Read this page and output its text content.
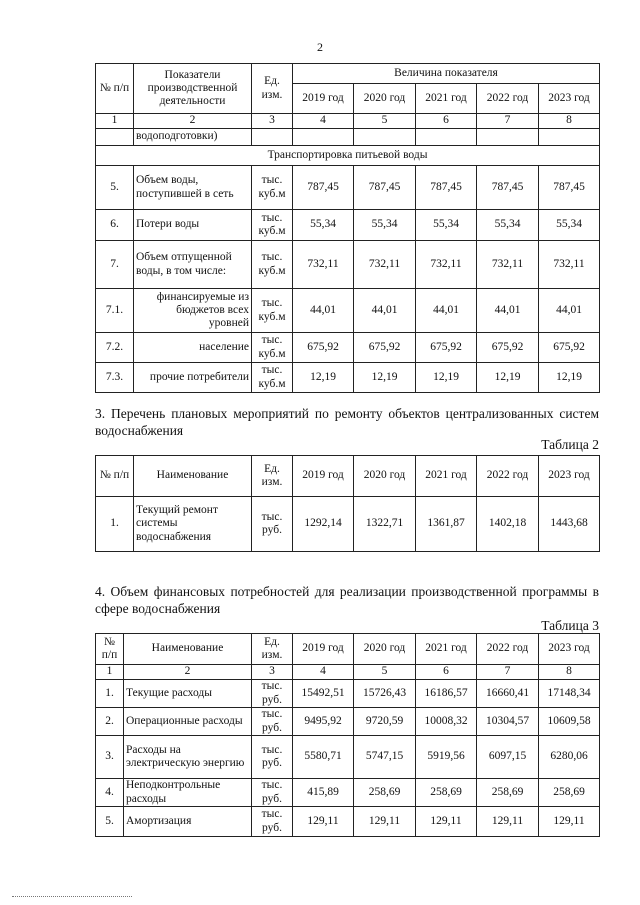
2
№ п/п	Показатели производственной деятельности	Ед. изм.	Величина показателя				
			2019 год	2020 год	2021 год	2022 год	2023 год
1	2	3	4	5	6	7	8
	водоподготовки)						
Транспортировка питьевой воды							
5.	Объем воды, поступившей в сеть	тыс. куб.м	787,45	787,45	787,45	787,45	787,45
6.	Потери воды	тыс. куб.м	55,34	55,34	55,34	55,34	55,34
7.	Объем отпущенной воды, в том числе:	тыс. куб.м	732,11	732,11	732,11	732,11	732,11
7.1.	финансируемые из бюджетов всех уровней	тыс. куб.м	44,01	44,01	44,01	44,01	44,01
7.2.	население	тыс. куб.м	675,92	675,92	675,92	675,92	675,92
7.3.	прочие потребители	тыс. куб.м	12,19	12,19	12,19	12,19	12,19
3. Перечень плановых мероприятий по ремонту объектов централизованных систем водоснабжения
Таблица 2
№ п/п	Наименование	Ед. изм.	2019 год	2020 год	2021 год	2022 год	2023 год
1.	Текущий ремонт системы водоснабжения	тыс. руб.	1292,14	1322,71	1361,87	1402,18	1443,68
4. Объем финансовых потребностей для реализации производственной программы в сфере водоснабжения
Таблица 3
№ п/п	Наименование	Ед. изм.	2019 год	2020 год	2021 год	2022 год	2023 год
1	2	3	4	5	6	7	8
1.	Текущие расходы	тыс. руб.	15492,51	15726,43	16186,57	16660,41	17148,34
2.	Операционные расходы	тыс. руб.	9495,92	9720,59	10008,32	10304,57	10609,58
3.	Расходы на электрическую энергию	тыс. руб.	5580,71	5747,15	5919,56	6097,15	6280,06
4.	Неподконтрольные расходы	тыс. руб.	415,89	258,69	258,69	258,69	258,69
5.	Амортизация	тыс. руб.	129,11	129,11	129,11	129,11	129,11
